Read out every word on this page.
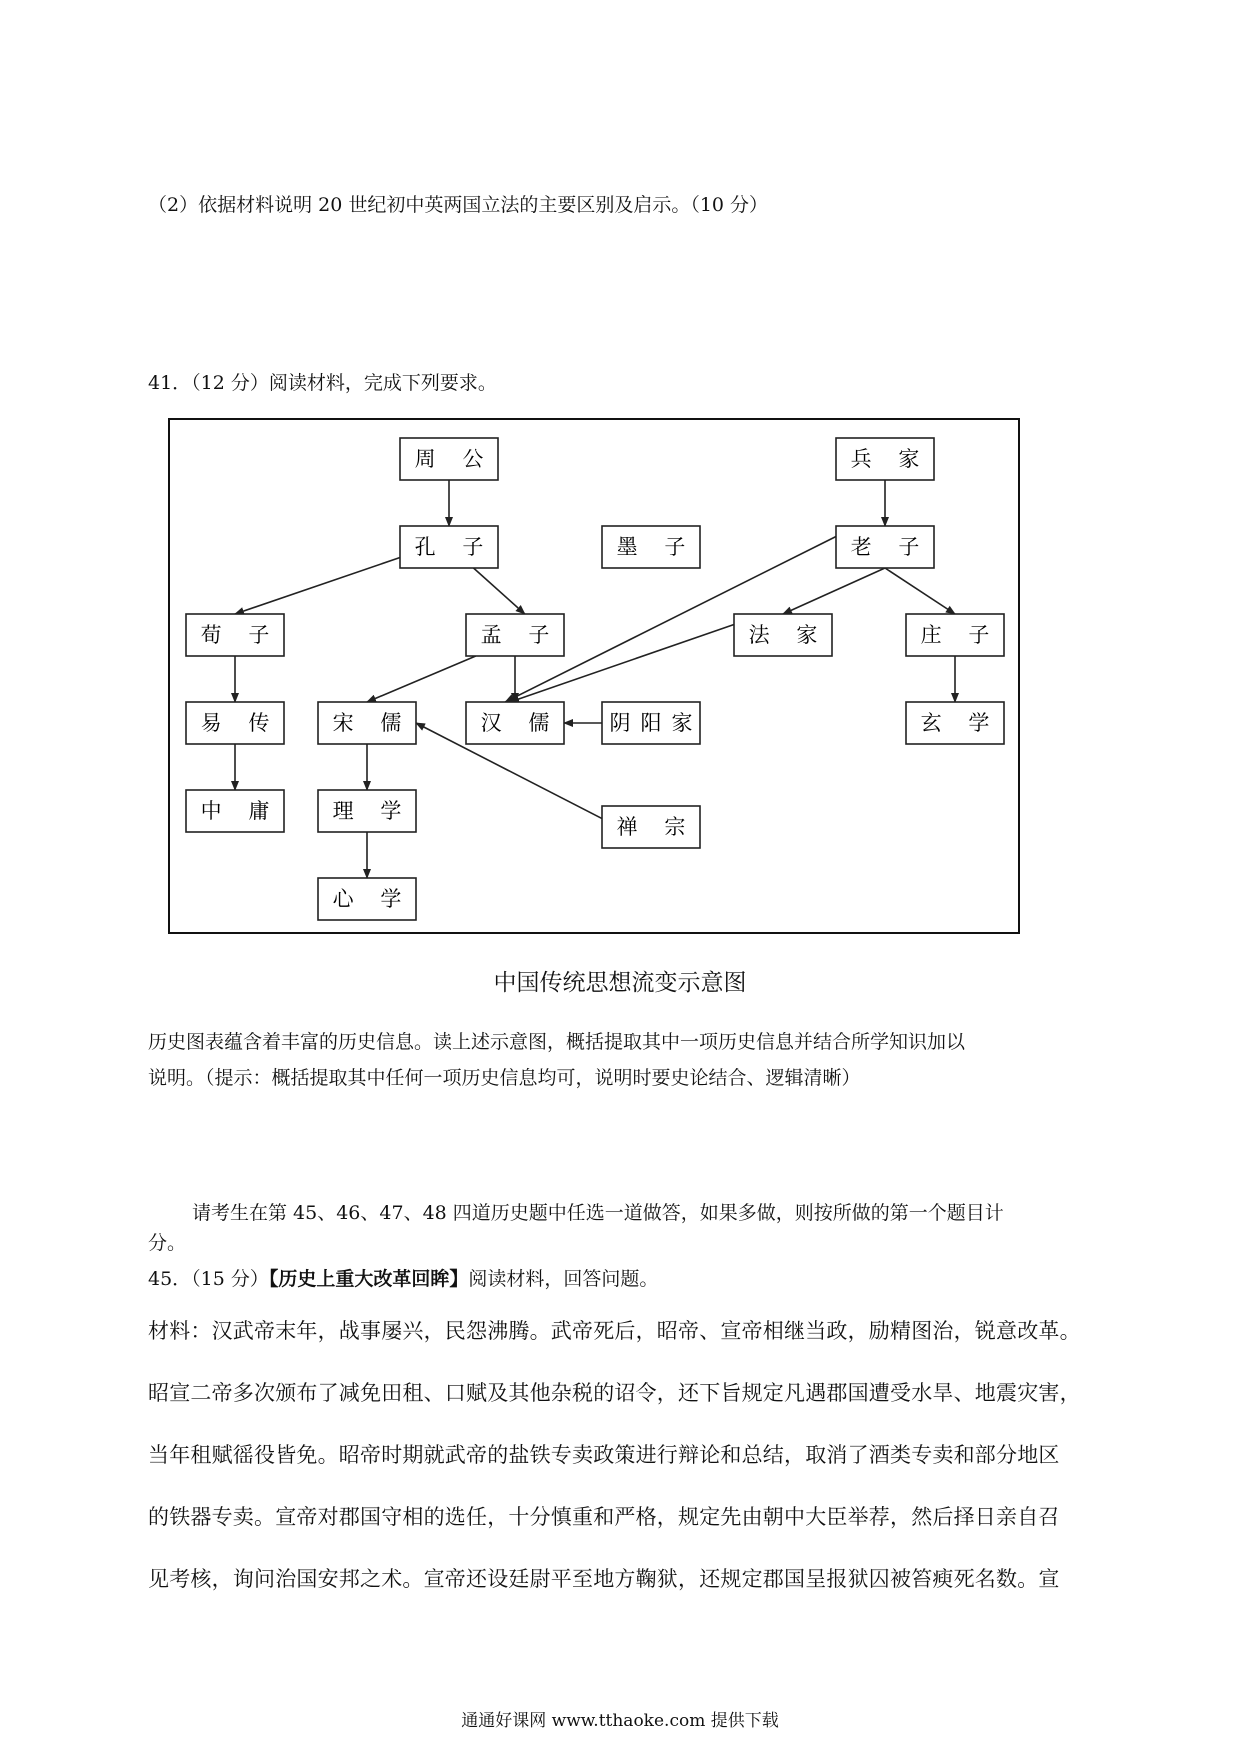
（2）依据材料说明 20 世纪初中英两国立法的主要区别及启示。（10 分）
41．（12 分）阅读材料，完成下列要求。
周 公	兵 家
孔 子	墨 子	老 子
荀 子	孟 子	法 家	庄 子
易 传	宋 儒	汉 儒 阴阳家	玄 学
中 庸	理 学
禅 宗
心 学
中国传统思想流变示意图
历史图表蕴含着丰富的历史信息。读上述示意图，概括提取其中一项历史信息并结合所学知识加以
说明。（提示：概括提取其中任何一项历史信息均可，说明时要史论结合、逻辑清晰）
请考生在第 45、46、47、48 四道历史题中任选一道做答，如果多做，则按所做的第一个题目计
分。
45．（15 分）【历史上重大改革回眸】阅读材料，回答问题。
材料：汉武帝末年，战事屡兴，民怨沸腾。武帝死后，昭帝、宣帝相继当政，励精图治，锐意改革。
昭宣二帝多次颁布了减免田租、口赋及其他杂税的诏令，还下旨规定凡遇郡国遭受水旱、地震灾害，
当年租赋徭役皆免。昭帝时期就武帝的盐铁专卖政策进行辩论和总结，取消了酒类专卖和部分地区
的铁器专卖。宣帝对郡国守相的选任，十分慎重和严格，规定先由朝中大臣举荐，然后择日亲自召
见考核，询问治国安邦之术。宣帝还设廷尉平至地方鞠狱，还规定郡国呈报狱囚被笞瘐死名数。宣
通通好课网 www.tthaoke.com 提供下载
